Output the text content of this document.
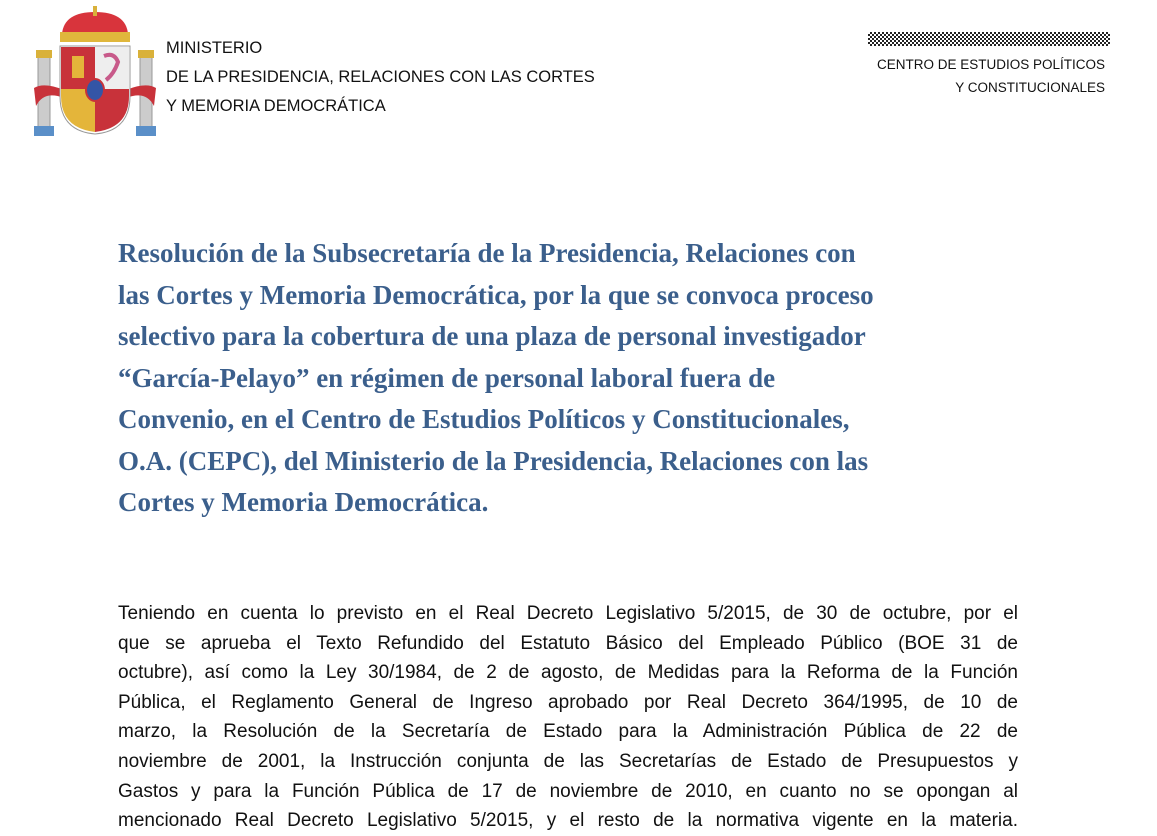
MINISTERIO
DE LA PRESIDENCIA, RELACIONES CON LAS CORTES
Y MEMORIA DEMOCRÁTICA
CENTRO DE ESTUDIOS POLÍTICOS
Y CONSTITUCIONALES
Resolución de la Subsecretaría de la Presidencia, Relaciones con
las Cortes y Memoria Democrática, por la que se convoca proceso
selectivo para la cobertura de una plaza de personal investigador
“García-Pelayo” en régimen de personal laboral fuera de
Convenio, en el Centro de Estudios Políticos y Constitucionales,
O.A. (CEPC), del Ministerio de la Presidencia, Relaciones con las
Cortes y Memoria Democrática.
Teniendo en cuenta lo previsto en el Real Decreto Legislativo 5/2015, de 30 de octubre, por el
que se aprueba el Texto Refundido del Estatuto Básico del Empleado Público (BOE 31 de
octubre), así como la Ley 30/1984, de 2 de agosto, de Medidas para la Reforma de la Función
Pública, el Reglamento General de Ingreso aprobado por Real Decreto 364/1995, de 10 de
marzo, la Resolución de la Secretaría de Estado para la Administración Pública de 22 de
noviembre de 2001, la Instrucción conjunta de las Secretarías de Estado de Presupuestos y
Gastos y para la Función Pública de 17 de noviembre de 2010, en cuanto no se opongan al
mencionado Real Decreto Legislativo 5/2015, y el resto de la normativa vigente en la materia.
